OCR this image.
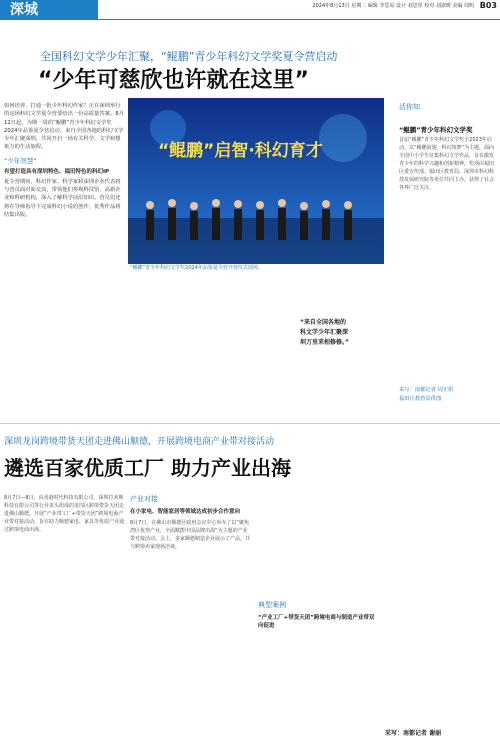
深城	2024年8月13日 星期二 编辑 李思易 设计 刘思彤 校对 刘淑媛 美编 周明 B03
全国科幻文学少年汇聚，“鲲鹏”青少年科幻文学奖夏令营启动
“少年可慈欣也许就在这里”
如何培养、打通一批少年科幻作家？正在深圳举行的这场科幻文学夏令营要给出一份高质量答案。8月12日起，为期一周的“鲲鹏”青少年科幻文学奖2024年品鉴夏令营启动。来自全国各地的科幻文学少年汇聚深圳，共同开启一场有关科学、文学和想象力的生动旅程。
“少年智慧”
有望打造具有深圳特色、福田特色的科幻IP
夏令营期间，科幻作家、科学家和深圳企业代表将与营员面对面交流，带领他们参观科技馆、高新企业和科研机构，深入了解科学前沿知识。营员们还将在导师指导下完成科幻小说的创作，优秀作品将结集出版。
“鲲鹏”启智·科幻育才
“鲲鹏”青少年科幻文学奖2024年品鉴夏令营开营仪式现场。
活你知
“鲲鹏”青少年科幻文学奖
首届“鲲鹏”青少年科幻文学奖于2023年启动，以“鲲鹏展翅，科幻筑梦”为主题，面向全国中小学生征集科幻文学作品，旨在激发青少年的科学兴趣和创新精神。奖项由福田区委宣传部、福田区教育局、深圳市科幻科技发展研究院等单位共同主办，获得了社会各界广泛关注。
采写：南都记者 周正阳
福田区教育局供图
“来自全国各地的科文学少年汇聚深圳万里来相修修。”
深圳龙岗跨境带货天团走进佛山顺德，开展跨境电商产业带对接活动
遴选百家优质工厂 助力产业出海
8月7日—8日，由香港时代科技有限公司、深圳拉米斯科技有限公司等行业龙头组成的龙岗区跨境带货天团走进佛山顺德，开展“产业带工厂+带货天团”跨境电商产业带对接活动，旨在助力顺德家电、家具等优质产业通过跨境电商出海。
产业对接
在小家电、智能家居等领域达成初步合作意向
8月7日，在佛山市顺德区政府会议中心举办了以“聚焦湾区优势产业，全面赋能中国品牌出海”为主题的产业带对接活动。会上，多家顺德制造企业展示了产品，并与跨境卖家现场洽谈。
典型案例
“产业工厂+带货天团”跨境电商与制造产业带双向促进
采写：南都记者 谢丽
